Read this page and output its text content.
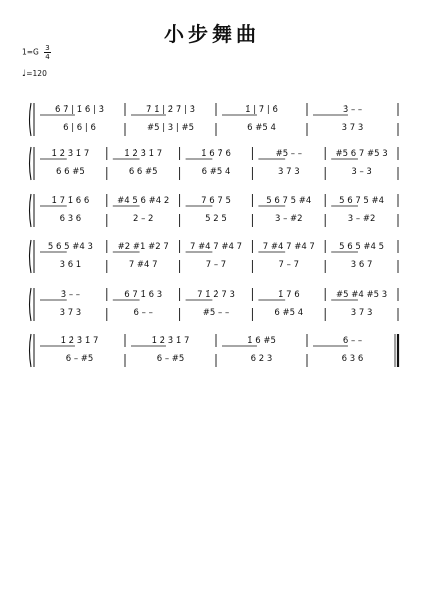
小步舞曲
$1=G \frac{3}{4}$
♩=120
6̇ 7̇ | 1̇ 6̇ | 3̇
6 | 6 | 6
7̇ 1̇ | 2̇ 7̇ | 3̇
#5 | 3 | #5
1̇ | 7̇ | 6̇
6 #5 4
3̇ – –
3 7 3
1̇ 2̇ 3̇ 1̇ 7
6 6 #5
1̇ 2̇ 3̇ 1̇ 7
6 6 #5
1̇ 6 7̇ 6
6 #5 4
#5 – –
3 7 3
#5 6 7 #5 3
3 – 3
1̇ 7 1̇ 6 6
6 3 6
#4 5 6 #4 2
2 – 2
7 6 7 5
5 2 5
5 6 7 5 #4
3 – #2
5 6 7 5 #4
3 – #2
5 6 5 #4 3
3 6 1
#2 #1 #2 7
7 #4 7
7 #4 7 #4 7
7 – 7
7 #4 7 #4 7
7 – 7
5 6 5 #4 5
3 6 7
3̇ – –
3 7 3
6 7 1̇ 6 3
6 – –
7 1̇ 2̇ 7 3
#5 – –
1̇ 7 6
6 #5 4
#5 #4 #5 3
3 7 3
1̇ 2̇ 3̇ 1̇ 7
6 – #5
1̇ 2̇ 3̇ 1̇ 7
6 – #5
1̇ 6 #5
6 2 3
6 – –
6 3 6
